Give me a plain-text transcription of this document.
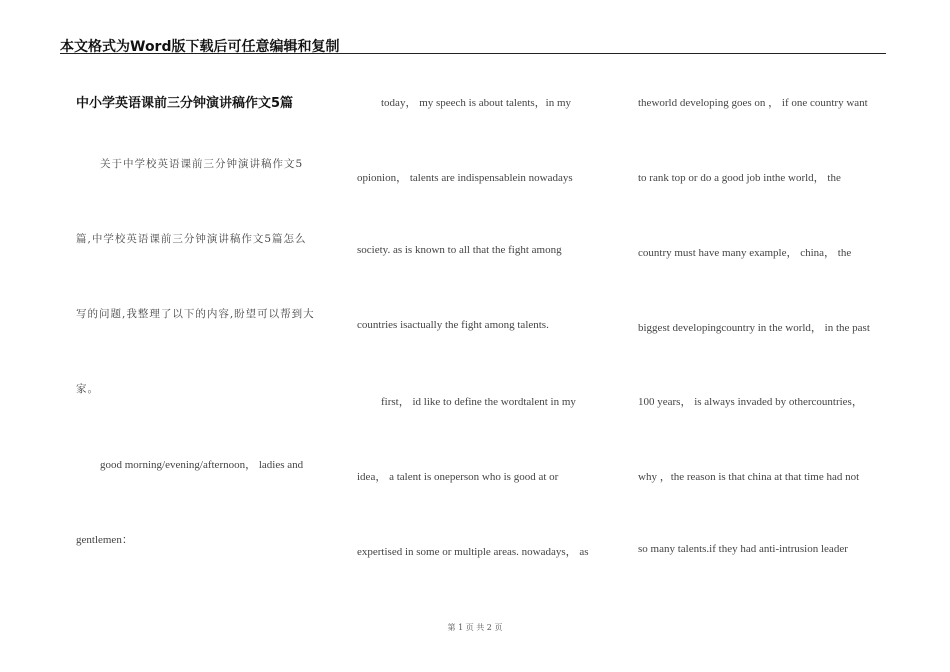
本文格式为Word版下载后可任意编辑和复制
中小学英语课前三分钟演讲稿作文5篇
关于中学校英语课前三分钟演讲稿作文5
篇,中学校英语课前三分钟演讲稿作文5篇怎么
写的问题,我整理了以下的内容,盼望可以帮到大
家。
good morning/evening/afternoon， ladies and
gentlemen：
today， my speech is about talents，in my
opionion， talents are indispensablein nowadays
society. as is known to all that the fight among
countries isactually the fight among talents.
first， id like to define the wordtalent in my
idea， a talent is oneperson who is good at or
expertised in some or multiple areas. nowadays， as
theworld developing goes on ， if one country want
to rank top or do a good job inthe world， the
country must have many example， china， the
biggest developingcountry in the world， in the past
100 years， is always invaded by othercountries，
why ，the reason is that china at that time had not
so many talents.if they had anti-intrusion leader
第 1 页 共 2 页
